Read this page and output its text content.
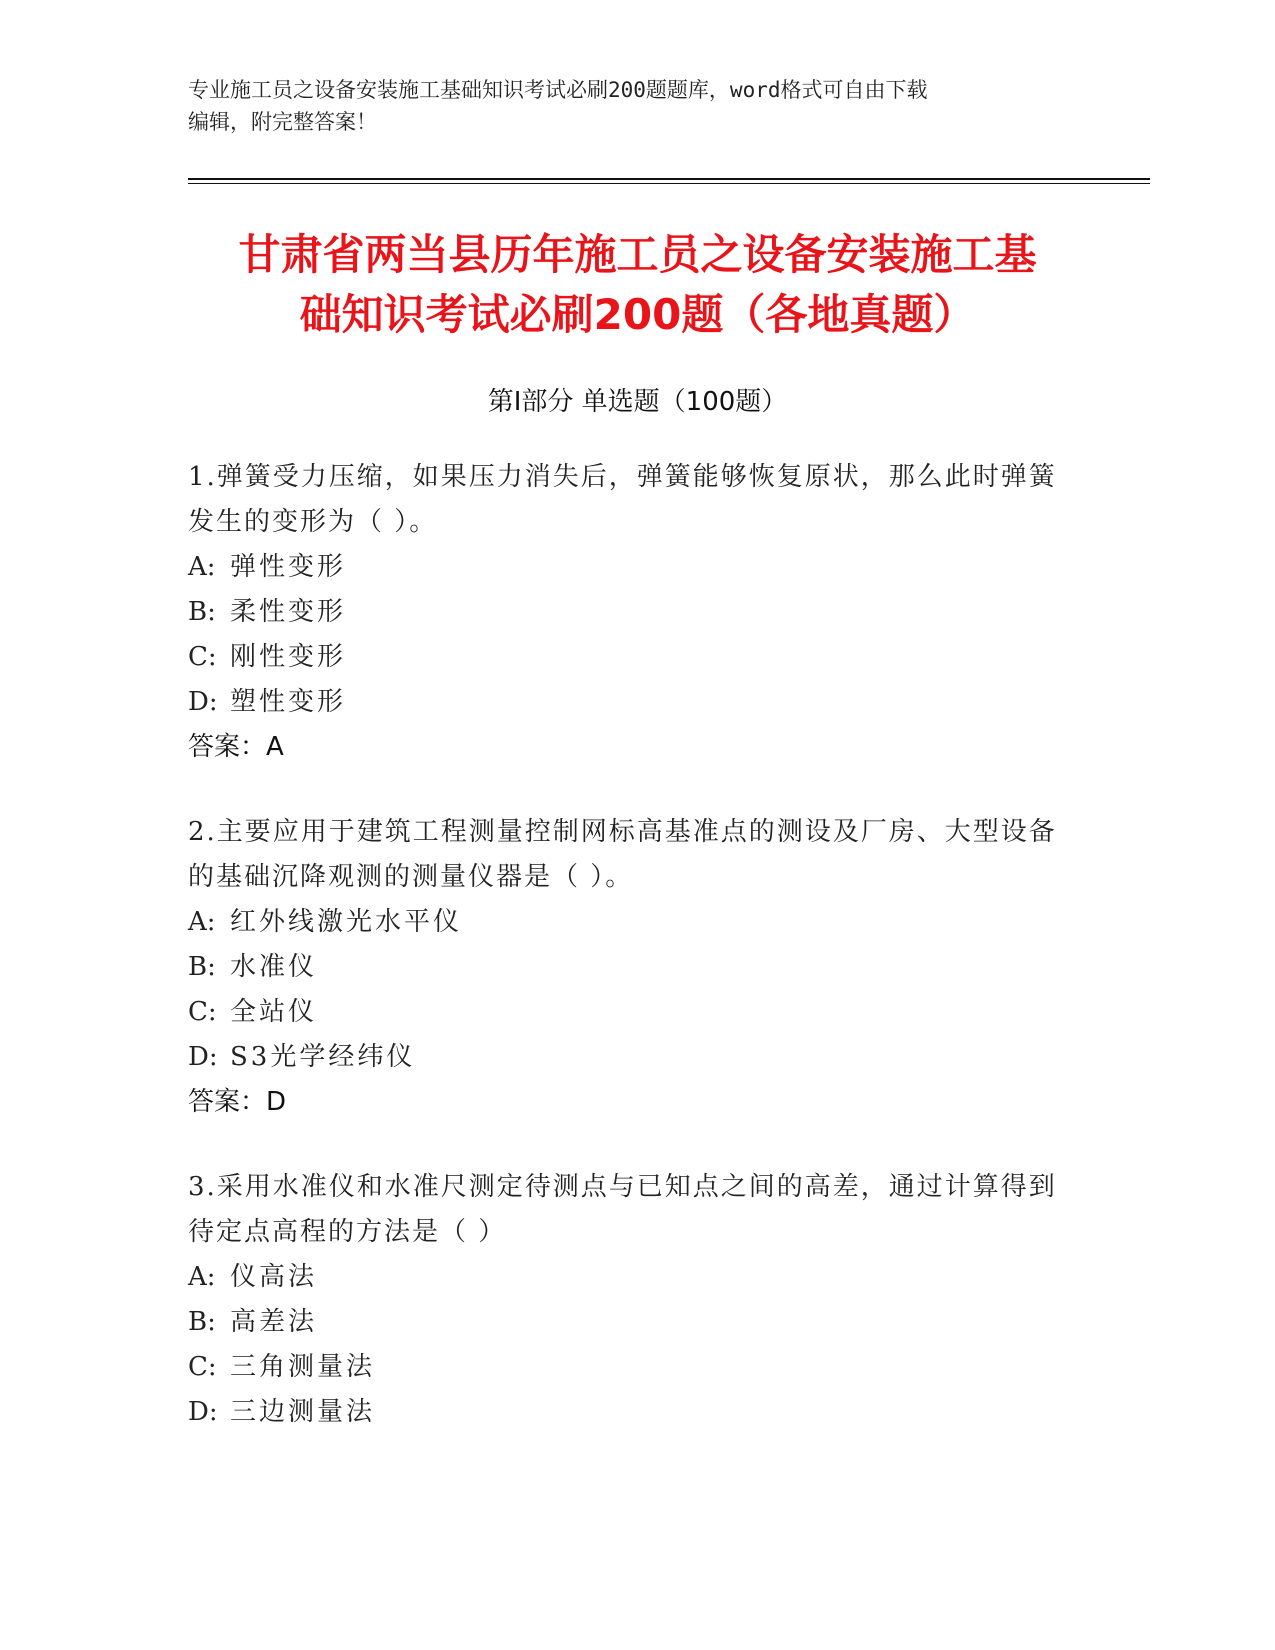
专业施工员之设备安装施工基础知识考试必刷200题题库，word格式可自由下载
编辑，附完整答案！
甘肃省两当县历年施工员之设备安装施工基
础知识考试必刷200题（各地真题）
第Ⅰ部分 单选题（100题）

1.弹簧受力压缩，如果压力消失后，弹簧能够恢复原状，那么此时弹簧发生的变形为（ ）。

A: 弹性变形

B: 柔性变形

C: 刚性变形

D: 塑性变形

答案：A

2.主要应用于建筑工程测量控制网标高基准点的测设及厂房、大型设备的基础沉降观测的测量仪器是（ ）。

A: 红外线激光水平仪

B: 水准仪

C: 全站仪

D: S3光学经纬仪

答案：D

3.采用水准仪和水准尺测定待测点与已知点之间的高差，通过计算得到待定点高程的方法是（ ）

A: 仪高法

B: 高差法

C: 三角测量法

D: 三边测量法
